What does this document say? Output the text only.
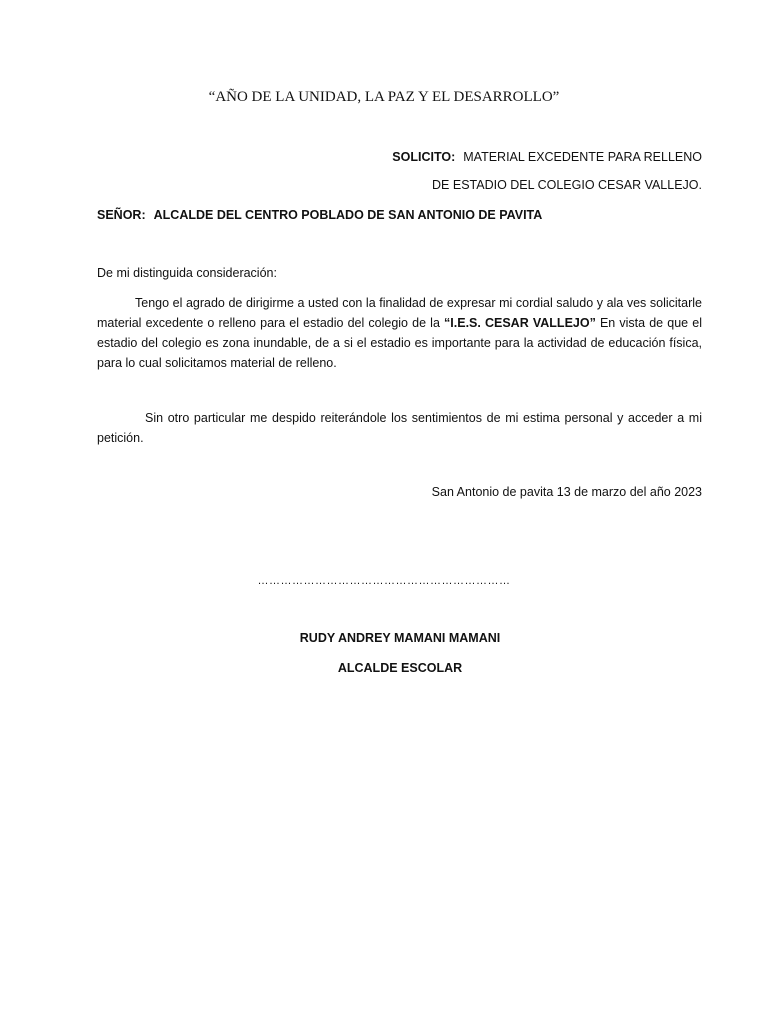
“AÑO DE LA UNIDAD, LA PAZ Y EL DESARROLLO”
SOLICITO: MATERIAL EXCEDENTE PARA RELLENO
DE ESTADIO DEL COLEGIO CESAR VALLEJO.
SEÑOR: ALCALDE DEL CENTRO POBLADO DE SAN ANTONIO DE PAVITA
De mi distinguida consideración:
Tengo el agrado de dirigirme a usted con la finalidad de expresar mi cordial saludo y ala ves solicitarle material excedente o relleno para el estadio del colegio de la “I.E.S. CESAR VALLEJO” En vista de que el estadio del colegio es zona inundable, de a si el estadio es importante para la actividad de educación física, para lo cual solicitamos material de relleno.
Sin otro particular me despido reiterándole los sentimientos de mi estima personal y acceder a mi petición.
San Antonio de pavita 13 de marzo del año 2023
…………………………………………………………
RUDY ANDREY MAMANI MAMANI
ALCALDE ESCOLAR
